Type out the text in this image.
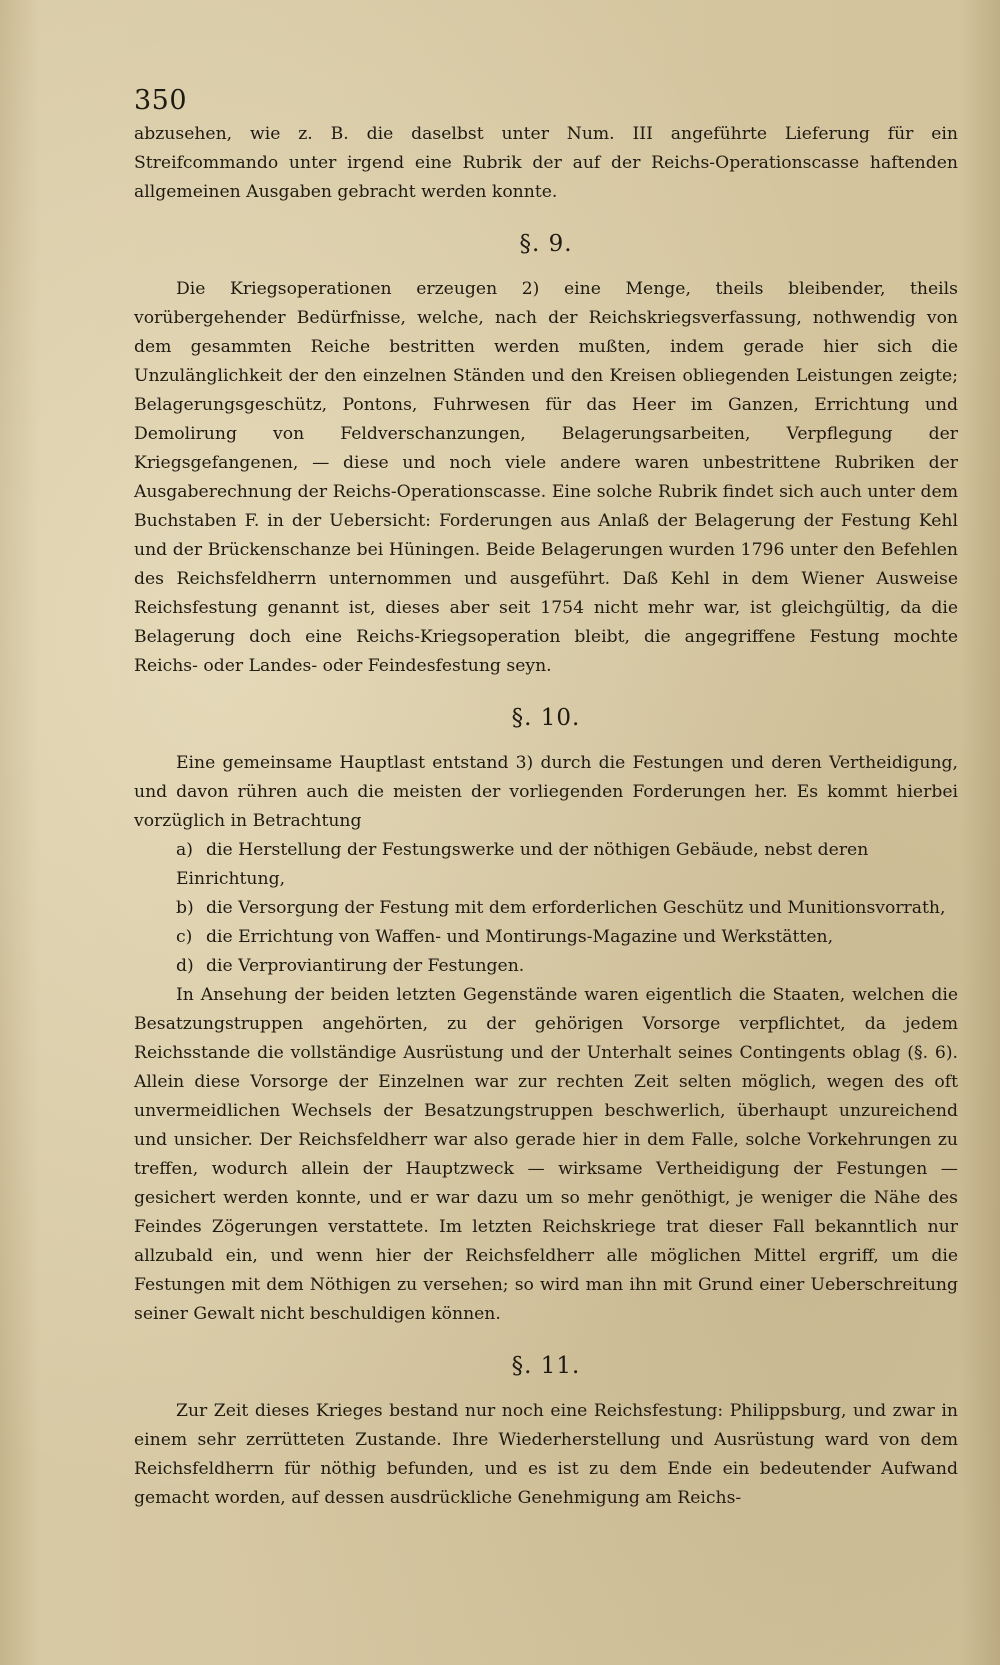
350

abzusehen, wie z. B. die daselbst unter Num. III angeführte Lieferung für ein Streifcommando unter irgend eine Rubrik der auf der Reichs-Operationscasse haftenden allgemeinen Ausgaben gebracht werden konnte.

§. 9.

Die Kriegsoperationen erzeugen 2) eine Menge, theils bleibender, theils vorübergehender Bedürfnisse, welche, nach der Reichskriegsverfassung, nothwendig von dem gesammten Reiche bestritten werden mußten, indem gerade hier sich die Unzulänglichkeit der den einzelnen Ständen und den Kreisen obliegenden Leistungen zeigte; Belagerungsgeschütz, Pontons, Fuhrwesen für das Heer im Ganzen, Errichtung und Demolirung von Feldverschanzungen, Belagerungsarbeiten, Verpflegung der Kriegsgefangenen, — diese und noch viele andere waren unbestrittene Rubriken der Ausgaberechnung der Reichs-Operationscasse. Eine solche Rubrik findet sich auch unter dem Buchstaben F. in der Uebersicht: Forderungen aus Anlaß der Belagerung der Festung Kehl und der Brückenschanze bei Hüningen. Beide Belagerungen wurden 1796 unter den Befehlen des Reichsfeldherrn unternommen und ausgeführt. Daß Kehl in dem Wiener Ausweise Reichsfestung genannt ist, dieses aber seit 1754 nicht mehr war, ist gleichgültig, da die Belagerung doch eine Reichs-Kriegsoperation bleibt, die angegriffene Festung mochte Reichs- oder Landes- oder Feindesfestung seyn.

§. 10.

Eine gemeinsame Hauptlast entstand 3) durch die Festungen und deren Vertheidigung, und davon rühren auch die meisten der vorliegenden Forderungen her. Es kommt hierbei vorzüglich in Betrachtung

a) die Herstellung der Festungswerke und der nöthigen Gebäude, nebst deren Einrichtung,
b) die Versorgung der Festung mit dem erforderlichen Geschütz und Munitionsvorrath,
c) die Errichtung von Waffen- und Montirungs-Magazine und Werkstätten,
d) die Verproviantirung der Festungen.

In Ansehung der beiden letzten Gegenstände waren eigentlich die Staaten, welchen die Besatzungstruppen angehörten, zu der gehörigen Vorsorge verpflichtet, da jedem Reichsstande die vollständige Ausrüstung und der Unterhalt seines Contingents oblag (§. 6). Allein diese Vorsorge der Einzelnen war zur rechten Zeit selten möglich, wegen des oft unvermeidlichen Wechsels der Besatzungstruppen beschwerlich, überhaupt unzureichend und unsicher. Der Reichsfeldherr war also gerade hier in dem Falle, solche Vorkehrungen zu treffen, wodurch allein der Hauptzweck — wirksame Vertheidigung der Festungen — gesichert werden konnte, und er war dazu um so mehr genöthigt, je weniger die Nähe des Feindes Zögerungen verstattete. Im letzten Reichskriege trat dieser Fall bekanntlich nur allzubald ein, und wenn hier der Reichsfeldherr alle möglichen Mittel ergriff, um die Festungen mit dem Nöthigen zu versehen; so wird man ihn mit Grund einer Ueberschreitung seiner Gewalt nicht beschuldigen können.

§. 11.

Zur Zeit dieses Krieges bestand nur noch eine Reichsfestung: Philippsburg, und zwar in einem sehr zerrütteten Zustande. Ihre Wiederherstellung und Ausrüstung ward von dem Reichsfeldherrn für nöthig befunden, und es ist zu dem Ende ein bedeutender Aufwand gemacht worden, auf dessen ausdrückliche Genehmigung am Reichs-
